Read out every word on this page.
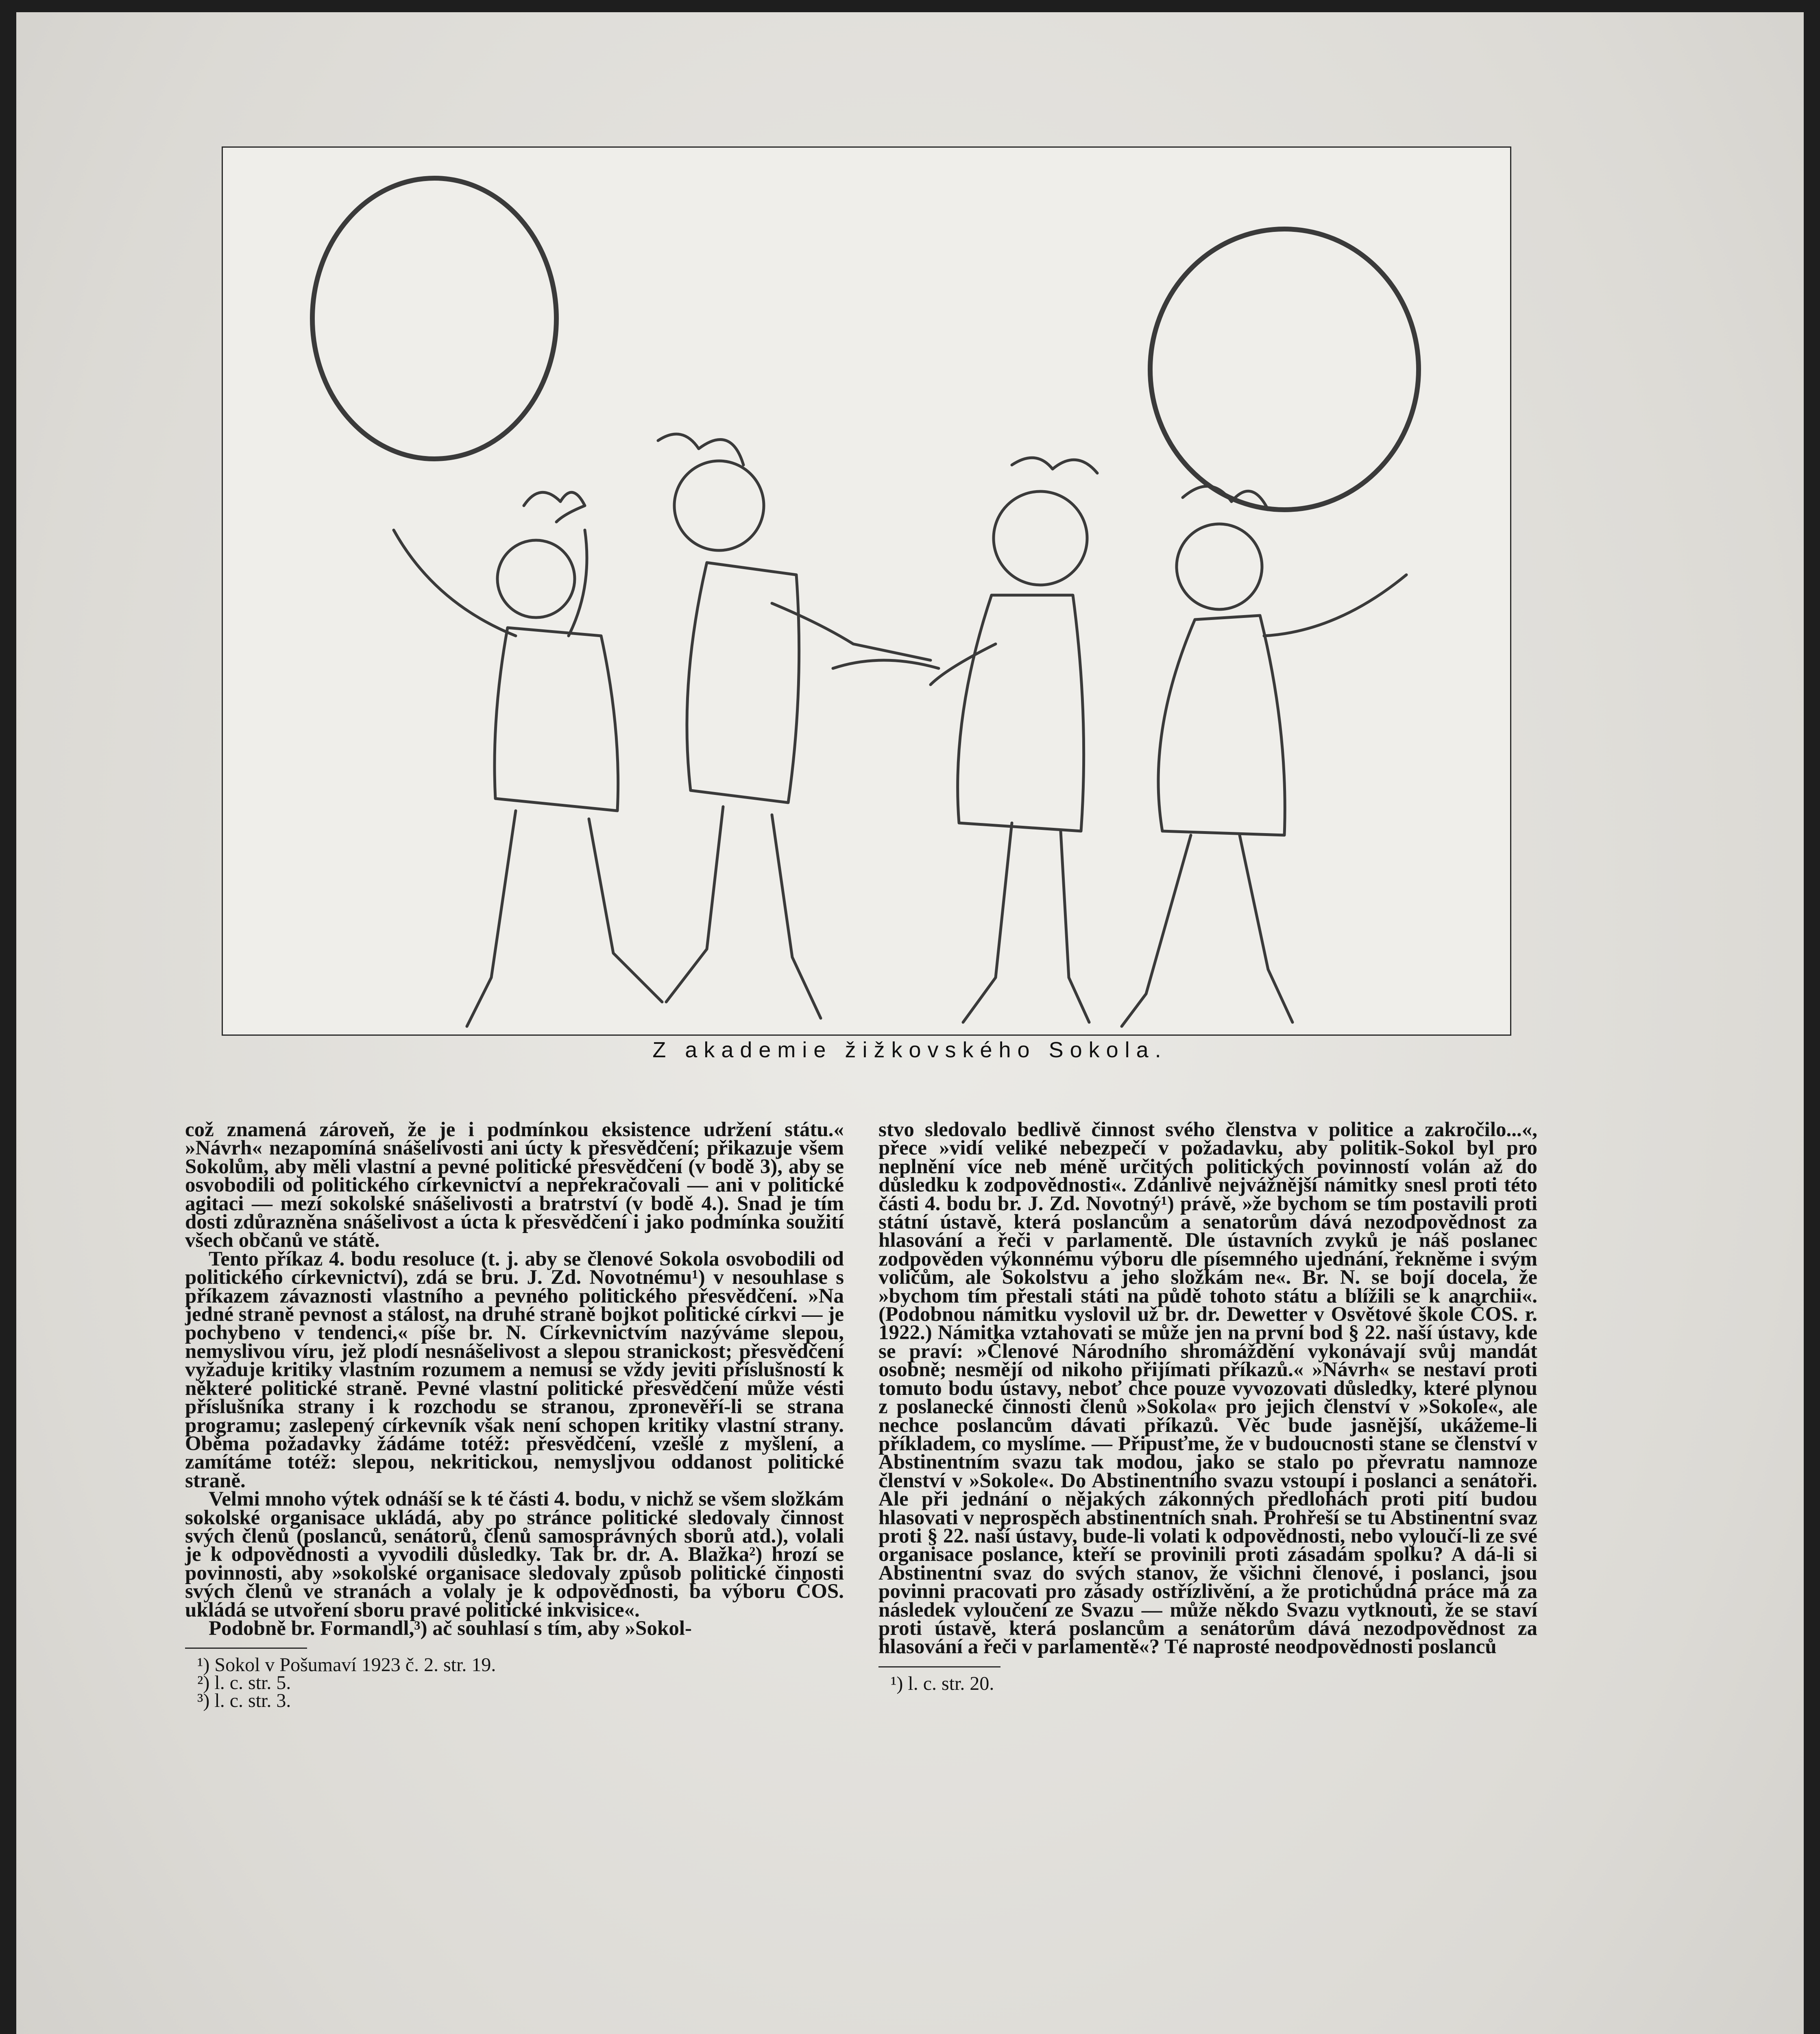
Z akademie žižkovského Sokola.

což znamená zároveň, že je i podmínkou eksistence udržení státu.« »Návrh« nezapomíná snášelivosti ani úcty k přesvědčení; přikazuje všem Sokolům, aby měli vlastní a pevné politické přesvědčení (v bodě 3), aby se osvobodili od politického církevnictví a nepřekračovali — ani v politické agitaci — mezí sokolské snášelivosti a bratrství (v bodě 4.). Snad je tím dosti zdůrazněna snášelivost a úcta k přesvědčení i jako podmínka soužití všech občanů ve státě.

Tento příkaz 4. bodu resoluce (t. j. aby se členové Sokola osvobodili od politického církevnictví), zdá se bru. J. Zd. Novotnému¹) v nesouhlase s příkazem závaznosti vlastního a pevného politického přesvědčení. »Na jedné straně pevnost a stálost, na druhé straně bojkot politické církvi — je pochybeno v tendenci,« píše br. N. Církevnictvím nazýváme slepou, nemyslivou víru, jež plodí nesnášelivost a slepou stranickost; přesvědčení vyžaduje kritiky vlastním rozumem a nemusí se vždy jeviti příslušností k některé politické straně. Pevné vlastní politické přesvědčení může vésti příslušníka strany i k rozchodu se stranou, zpronevěří-li se strana programu; zaslepený církevník však není schopen kritiky vlastní strany. Oběma požadavky žádáme totéž: přesvědčení, vzešlé z myšlení, a zamítáme totéž: slepou, nekritickou, nemysljvou oddanost politické straně.

Velmi mnoho výtek odnáší se k té části 4. bodu, v nichž se všem složkám sokolské organisace ukládá, aby po stránce politické sledovaly činnost svých členů (poslanců, senátorů, členů samosprávných sborů atd.), volali je k odpovědnosti a vyvodili důsledky. Tak br. dr. A. Blažka²) hrozí se povinnosti, aby »sokolské organisace sledovaly způsob politické činnosti svých členů ve stranách a volaly je k odpovědnosti, ba výboru ČOS. ukládá se utvoření sboru pravé politické inkvisice«.

Podobně br. Formandl,³) ač souhlasí s tím, aby »Sokol-

¹) Sokol v Pošumaví 1923 č. 2. str. 19.
²) l. c. str. 5.
³) l. c. str. 3.

stvo sledovalo bedlivě činnost svého členstva v politice a zakročilo...«, přece »vidí veliké nebezpečí v požadavku, aby politik-Sokol byl pro neplnění více neb méně určitých politických povinností volán až do důsledku k zodpovědnosti«. Zdánlivě nejvážnější námitky snesl proti této části 4. bodu br. J. Zd. Novotný¹) právě, »že bychom se tím postavili proti státní ústavě, která poslancům a senatorům dává nezodpovědnost za hlasování a řeči v parlamentě. Dle ústavních zvyků je náš poslanec zodpověden výkonnému výboru dle písemného ujednání, řekněme i svým voličům, ale Sokolstvu a jeho složkám ne«. Br. N. se bojí docela, že »bychom tím přestali státi na půdě tohoto státu a blížili se k anarchii«. (Podobnou námitku vyslovil už br. dr. Dewetter v Osvětové škole ČOS. r. 1922.) Námitka vztahovati se může jen na první bod § 22. naší ústavy, kde se praví: »Členové Národního shromáždění vykonávají svůj mandát osobně; nesmějí od nikoho přijímati příkazů.« »Návrh« se nestaví proti tomuto bodu ústavy, neboť chce pouze vyvozovati důsledky, které plynou z poslanecké činnosti členů »Sokola« pro jejich členství v »Sokole«, ale nechce poslancům dávati příkazů. Věc bude jasnější, ukážeme-li příkladem, co myslíme. — Připusťme, že v budoucnosti stane se členství v Abstinentním svazu tak modou, jako se stalo po převratu namnoze členství v »Sokole«. Do Abstinentního svazu vstoupí i poslanci a senátoři. Ale při jednání o nějakých zákonných předlohách proti pití budou hlasovati v neprospěch abstinentních snah. Prohřeší se tu Abstinentní svaz proti § 22. naší ústavy, bude-li volati k odpovědnosti, nebo vyloučí-li ze své organisace poslance, kteří se provinili proti zásadám spolku? A dá-li si Abstinentní svaz do svých stanov, že všichni členové, i poslanci, jsou povinni pracovati pro zásady ostřízlivění, a že protichůdná práce má za následek vyloučení ze Svazu — může někdo Svazu vytknouti, že se staví proti ústavě, která poslancům a senátorům dává nezodpovědnost za hlasování a řeči v parlamentě«? Té naprosté neodpovědnosti poslanců

¹) l. c. str. 20.
